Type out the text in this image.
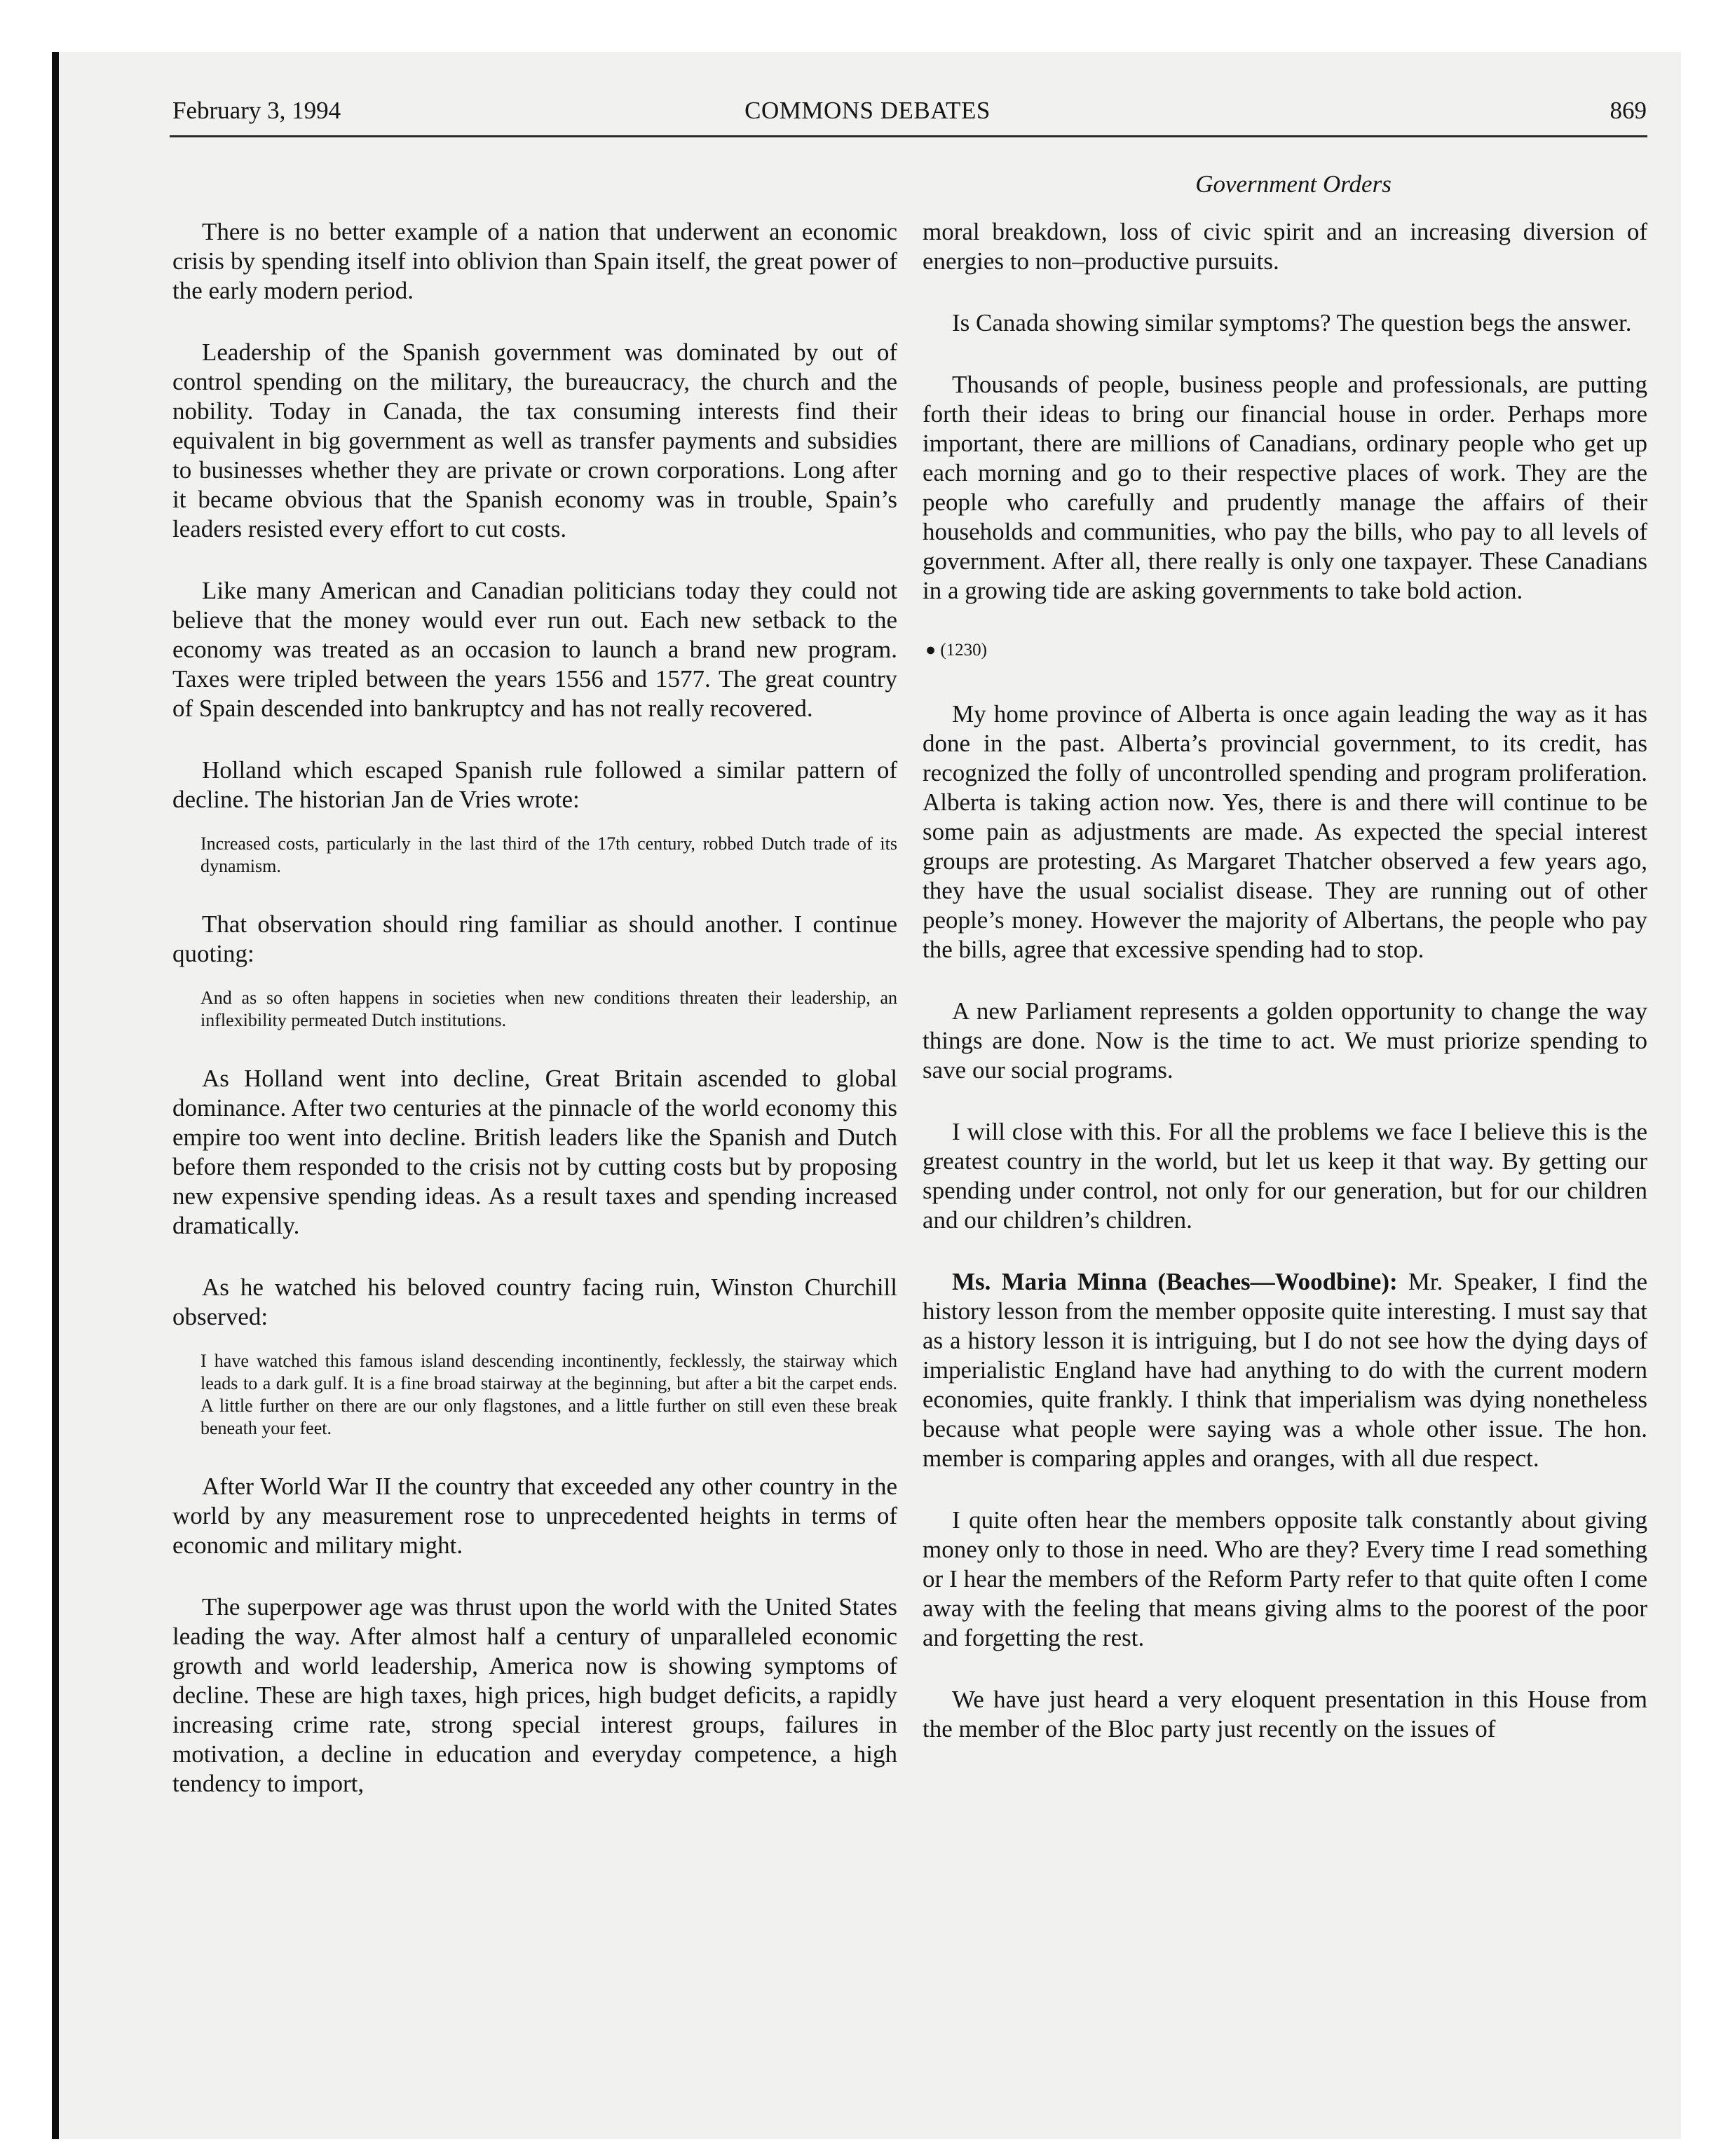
COMMONS DEBATES
February 3, 1994	869
Government Orders

There is no better example of a nation that underwent an economic crisis by spending itself into oblivion than Spain itself, the great power of the early modern period.

Leadership of the Spanish government was dominated by out of control spending on the military, the bureaucracy, the church and the nobility. Today in Canada, the tax consuming interests find their equivalent in big government as well as transfer payments and subsidies to businesses whether they are private or crown corporations. Long after it became obvious that the Spanish economy was in trouble, Spain’s leaders resisted every effort to cut costs.

Like many American and Canadian politicians today they could not believe that the money would ever run out. Each new setback to the economy was treated as an occasion to launch a brand new program. Taxes were tripled between the years 1556 and 1577. The great country of Spain descended into bankruptcy and has not really recovered.

Holland which escaped Spanish rule followed a similar pattern of decline. The historian Jan de Vries wrote:

Increased costs, particularly in the last third of the 17th century, robbed Dutch trade of its dynamism.

That observation should ring familiar as should another. I continue quoting:

And as so often happens in societies when new conditions threaten their leadership, an inflexibility permeated Dutch institutions.

As Holland went into decline, Great Britain ascended to global dominance. After two centuries at the pinnacle of the world economy this empire too went into decline. British leaders like the Spanish and Dutch before them responded to the crisis not by cutting costs but by proposing new expensive spending ideas. As a result taxes and spending increased dramatically.

As he watched his beloved country facing ruin, Winston Churchill observed:

I have watched this famous island descending incontinently, fecklessly, the stairway which leads to a dark gulf. It is a fine broad stairway at the beginning, but after a bit the carpet ends. A little further on there are our only flagstones, and a little further on still even these break beneath your feet.

After World War II the country that exceeded any other country in the world by any measurement rose to unprecedented heights in terms of economic and military might.

The superpower age was thrust upon the world with the United States leading the way. After almost half a century of unparalleled economic growth and world leadership, America now is showing symptoms of decline. These are high taxes, high prices, high budget deficits, a rapidly increasing crime rate, strong special interest groups, failures in motivation, a decline in education and everyday competence, a high tendency to import,

moral breakdown, loss of civic spirit and an increasing diversion of energies to non–productive pursuits.

Is Canada showing similar symptoms? The question begs the answer.

Thousands of people, business people and professionals, are putting forth their ideas to bring our financial house in order. Perhaps more important, there are millions of Canadians, ordinary people who get up each morning and go to their respective places of work. They are the people who carefully and prudently manage the affairs of their households and communities, who pay the bills, who pay to all levels of government. After all, there really is only one taxpayer. These Canadians in a growing tide are asking governments to take bold action.

● (1230)

My home province of Alberta is once again leading the way as it has done in the past. Alberta’s provincial government, to its credit, has recognized the folly of uncontrolled spending and program proliferation. Alberta is taking action now. Yes, there is and there will continue to be some pain as adjustments are made. As expected the special interest groups are protesting. As Margaret Thatcher observed a few years ago, they have the usual socialist disease. They are running out of other people’s money. However the majority of Albertans, the people who pay the bills, agree that excessive spending had to stop.

A new Parliament represents a golden opportunity to change the way things are done. Now is the time to act. We must priorize spending to save our social programs.

I will close with this. For all the problems we face I believe this is the greatest country in the world, but let us keep it that way. By getting our spending under control, not only for our generation, but for our children and our children’s children.

Ms. Maria Minna (Beaches—Woodbine): Mr. Speaker, I find the history lesson from the member opposite quite interesting. I must say that as a history lesson it is intriguing, but I do not see how the dying days of imperialistic England have had anything to do with the current modern economies, quite frankly. I think that imperialism was dying nonetheless because what people were saying was a whole other issue. The hon. member is comparing apples and oranges, with all due respect.

I quite often hear the members opposite talk constantly about giving money only to those in need. Who are they? Every time I read something or I hear the members of the Reform Party refer to that quite often I come away with the feeling that means giving alms to the poorest of the poor and forgetting the rest.

We have just heard a very eloquent presentation in this House from the member of the Bloc party just recently on the issues of
